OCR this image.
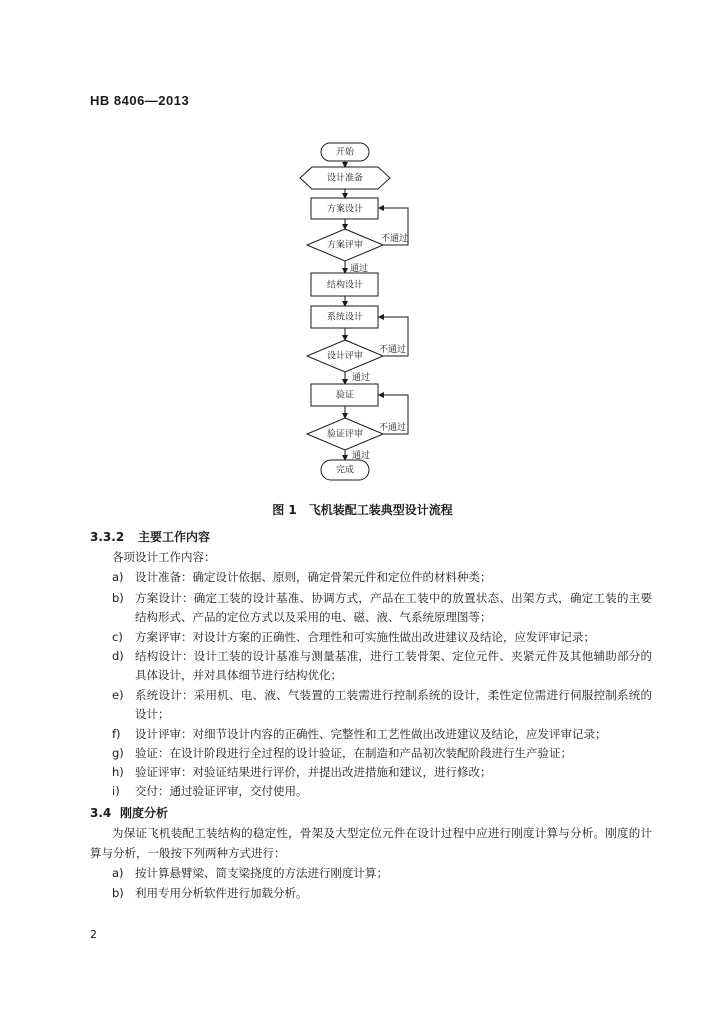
HB 8406—2013
开始
设计准备
方案设计
方案评审
结构设计
系统设计
设计评审
验证
验证评审
完成
不通过
通过
不通过
通过
不通过
通过
图 1　飞机装配工装典型设计流程
3.3.2 主要工作内容
各项设计工作内容：
a) 设计准备：确定设计依据、原则，确定骨架元件和定位件的材料种类；
b) 方案设计：确定工装的设计基准、协调方式，产品在工装中的放置状态、出架方式，确定工装的主要结构形式、产品的定位方式以及采用的电、磁、液、气系统原理图等；
c)	方案评审：对设计方案的正确性、合理性和可实施性做出改进建议及结论，应发评审记录；
d) 结构设计：设计工装的设计基准与测量基准，进行工装骨架、定位元件、夹紧元件及其他辅助部分的具体设计，并对具体细节进行结构优化；
e) 系统设计：采用机、电、液、气装置的工装需进行控制系统的设计，柔性定位需进行伺服控制系统的设计；
f)	设计评审：对细节设计内容的正确性、完整性和工艺性做出改进建议及结论，应发评审记录；
g) 验证：在设计阶段进行全过程的设计验证，在制造和产品初次装配阶段进行生产验证；
h) 验证评审：对验证结果进行评价，并提出改进措施和建议，进行修改；
i)	交付：通过验证评审，交付使用。
3.4 刚度分析
为保证飞机装配工装结构的稳定性，骨架及大型定位元件在设计过程中应进行刚度计算与分析。刚度的计算与分析，一般按下列两种方式进行：
a) 按计算悬臂梁、简支梁挠度的方法进行刚度计算；
b) 利用专用分析软件进行加载分析。
2
